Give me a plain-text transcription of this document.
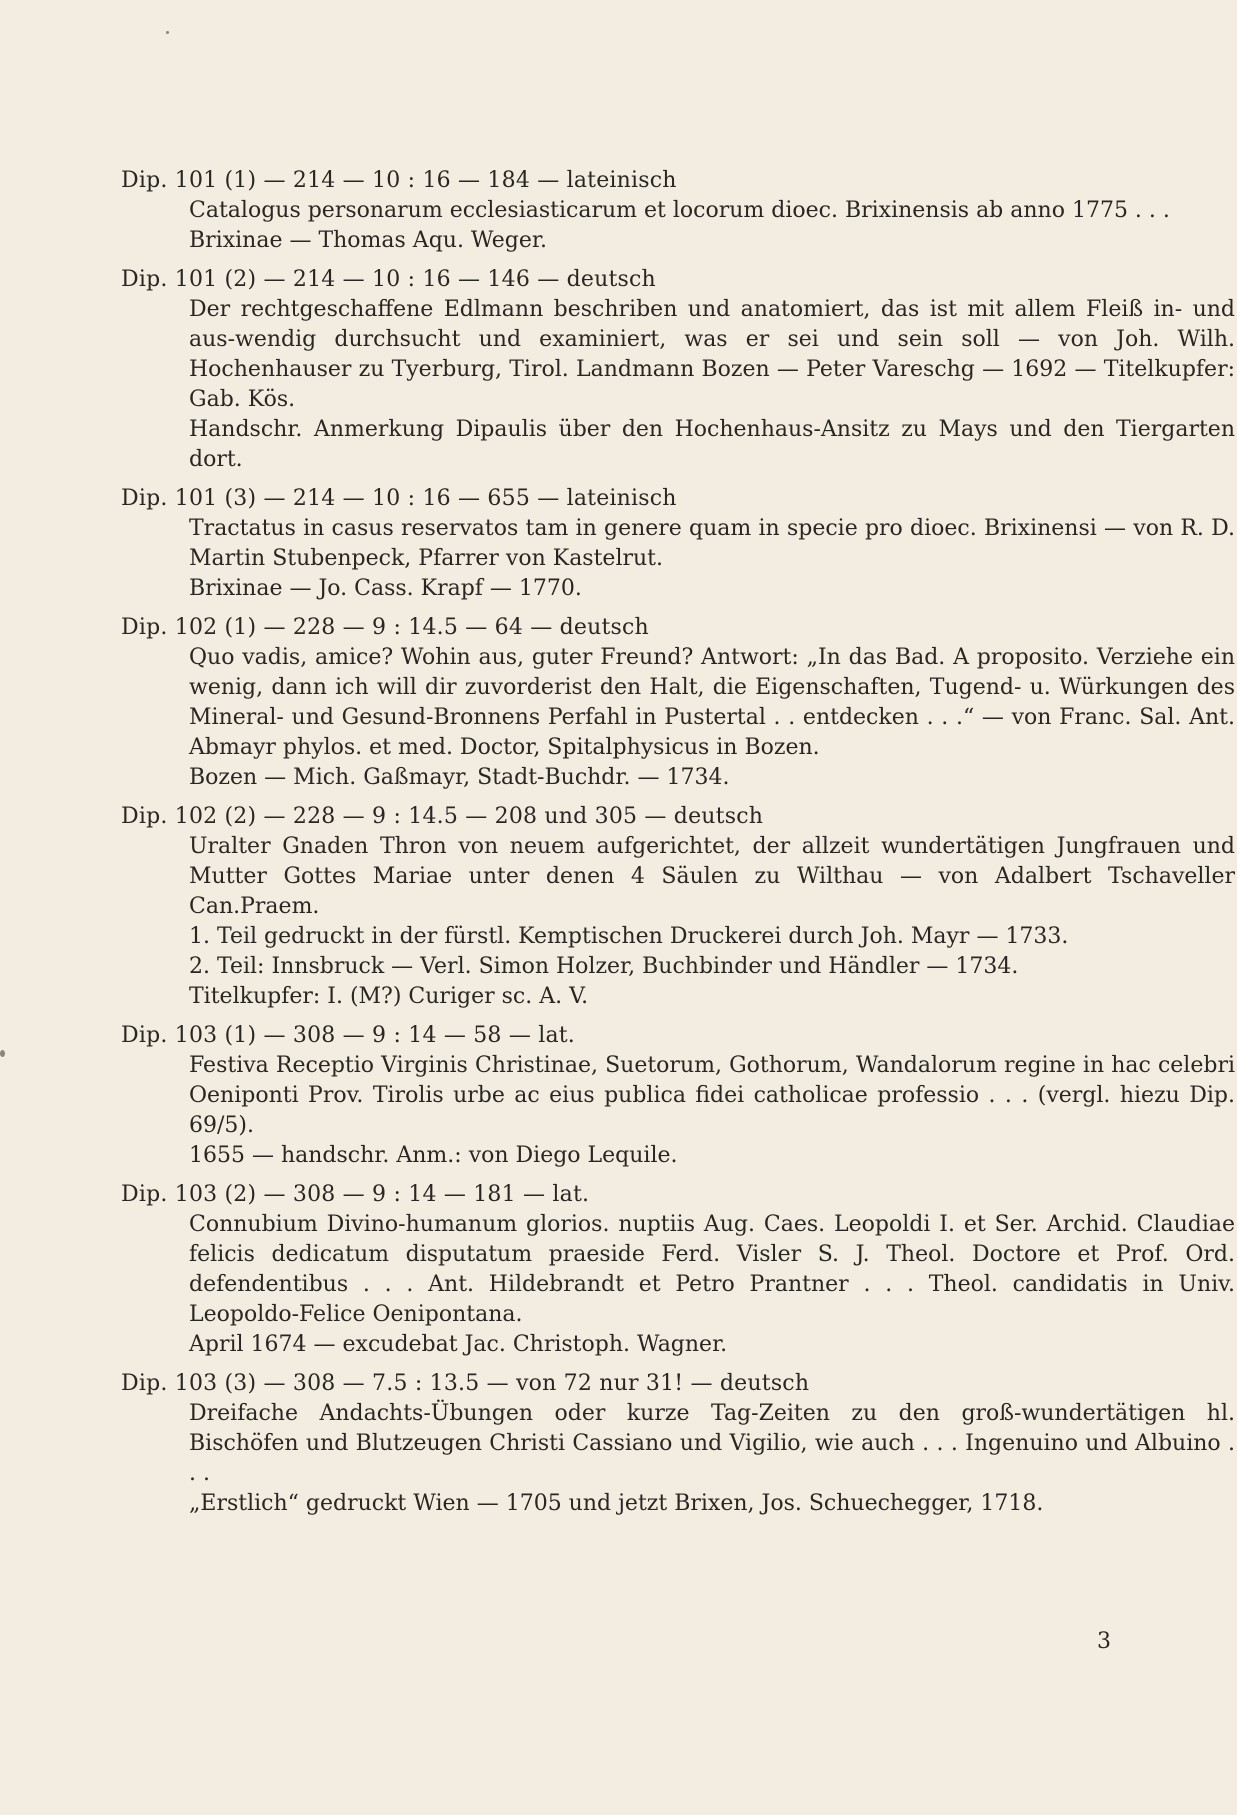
Dip. 101 (1) — 214 — 10 : 16 — 184 — lateinisch
Catalogus personarum ecclesiasticarum et locorum dioec. Brixinensis ab anno 1775 . . .
Brixinae — Thomas Aqu. Weger.
Dip. 101 (2) — 214 — 10 : 16 — 146 — deutsch
Der rechtgeschaffene Edlmann beschriben und anatomiert, das ist mit allem Fleiß in- und aus-wendig durchsucht und examiniert, was er sei und sein soll — von Joh. Wilh. Hochenhauser zu Tyerburg, Tirol. Landmann Bozen — Peter Vareschg — 1692 — Titelkupfer: Gab. Kös.
Handschr. Anmerkung Dipaulis über den Hochenhaus-Ansitz zu Mays und den Tiergarten dort.
Dip. 101 (3) — 214 — 10 : 16 — 655 — lateinisch
Tractatus in casus reservatos tam in genere quam in specie pro dioec. Brixinensi — von R. D. Martin Stubenpeck, Pfarrer von Kastelrut.
Brixinae — Jo. Cass. Krapf — 1770.
Dip. 102 (1) — 228 — 9 : 14.5 — 64 — deutsch
Quo vadis, amice? Wohin aus, guter Freund? Antwort: „In das Bad. A proposito. Verziehe ein wenig, dann ich will dir zuvorderist den Halt, die Eigenschaften, Tugend- u. Würkungen des Mineral- und Gesund-Bronnens Perfahl in Pustertal . . entdecken . . .“ — von Franc. Sal. Ant. Abmayr phylos. et med. Doctor, Spitalphysicus in Bozen.
Bozen — Mich. Gaßmayr, Stadt-Buchdr. — 1734.
Dip. 102 (2) — 228 — 9 : 14.5 — 208 und 305 — deutsch
Uralter Gnaden Thron von neuem aufgerichtet, der allzeit wundertätigen Jungfrauen und Mutter Gottes Mariae unter denen 4 Säulen zu Wilthau — von Adalbert Tschaveller Can.Praem.
1. Teil gedruckt in der fürstl. Kemptischen Druckerei durch Joh. Mayr — 1733.
2. Teil: Innsbruck — Verl. Simon Holzer, Buchbinder und Händler — 1734.
Titelkupfer: I. (M?) Curiger sc. A. V.
Dip. 103 (1) — 308 — 9 : 14 — 58 — lat.
Festiva Receptio Virginis Christinae, Suetorum, Gothorum, Wandalorum regine in hac celebri Oeniponti Prov. Tirolis urbe ac eius publica fidei catholicae professio . . . (vergl. hiezu Dip. 69/5).
1655 — handschr. Anm.: von Diego Lequile.
Dip. 103 (2) — 308 — 9 : 14 — 181 — lat.
Connubium Divino-humanum glorios. nuptiis Aug. Caes. Leopoldi I. et Ser. Archid. Claudiae felicis dedicatum disputatum praeside Ferd. Visler S. J. Theol. Doctore et Prof. Ord. defendentibus . . . Ant. Hildebrandt et Petro Prantner . . . Theol. candidatis in Univ. Leopoldo-Felice Oenipontana.
April 1674 — excudebat Jac. Christoph. Wagner.
Dip. 103 (3) — 308 — 7.5 : 13.5 — von 72 nur 31! — deutsch
Dreifache Andachts-Übungen oder kurze Tag-Zeiten zu den groß-wundertätigen hl. Bischöfen und Blutzeugen Christi Cassiano und Vigilio, wie auch . . . Ingenuino und Albuino . . .
„Erstlich“ gedruckt Wien — 1705 und jetzt Brixen, Jos. Schuechegger, 1718.
3
